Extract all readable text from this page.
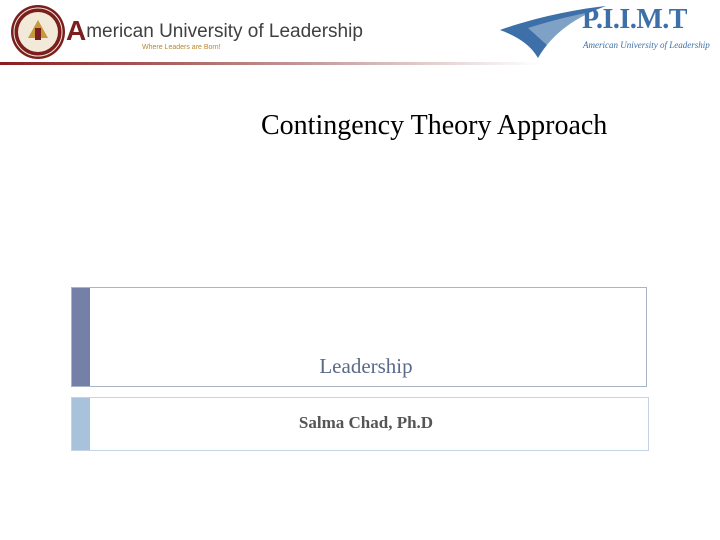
American University of Leadership
Where Leaders are Born!
P.I.I.M.T
American University of Leadership
Contingency Theory Approach
Leadership
Salma Chad, Ph.D
